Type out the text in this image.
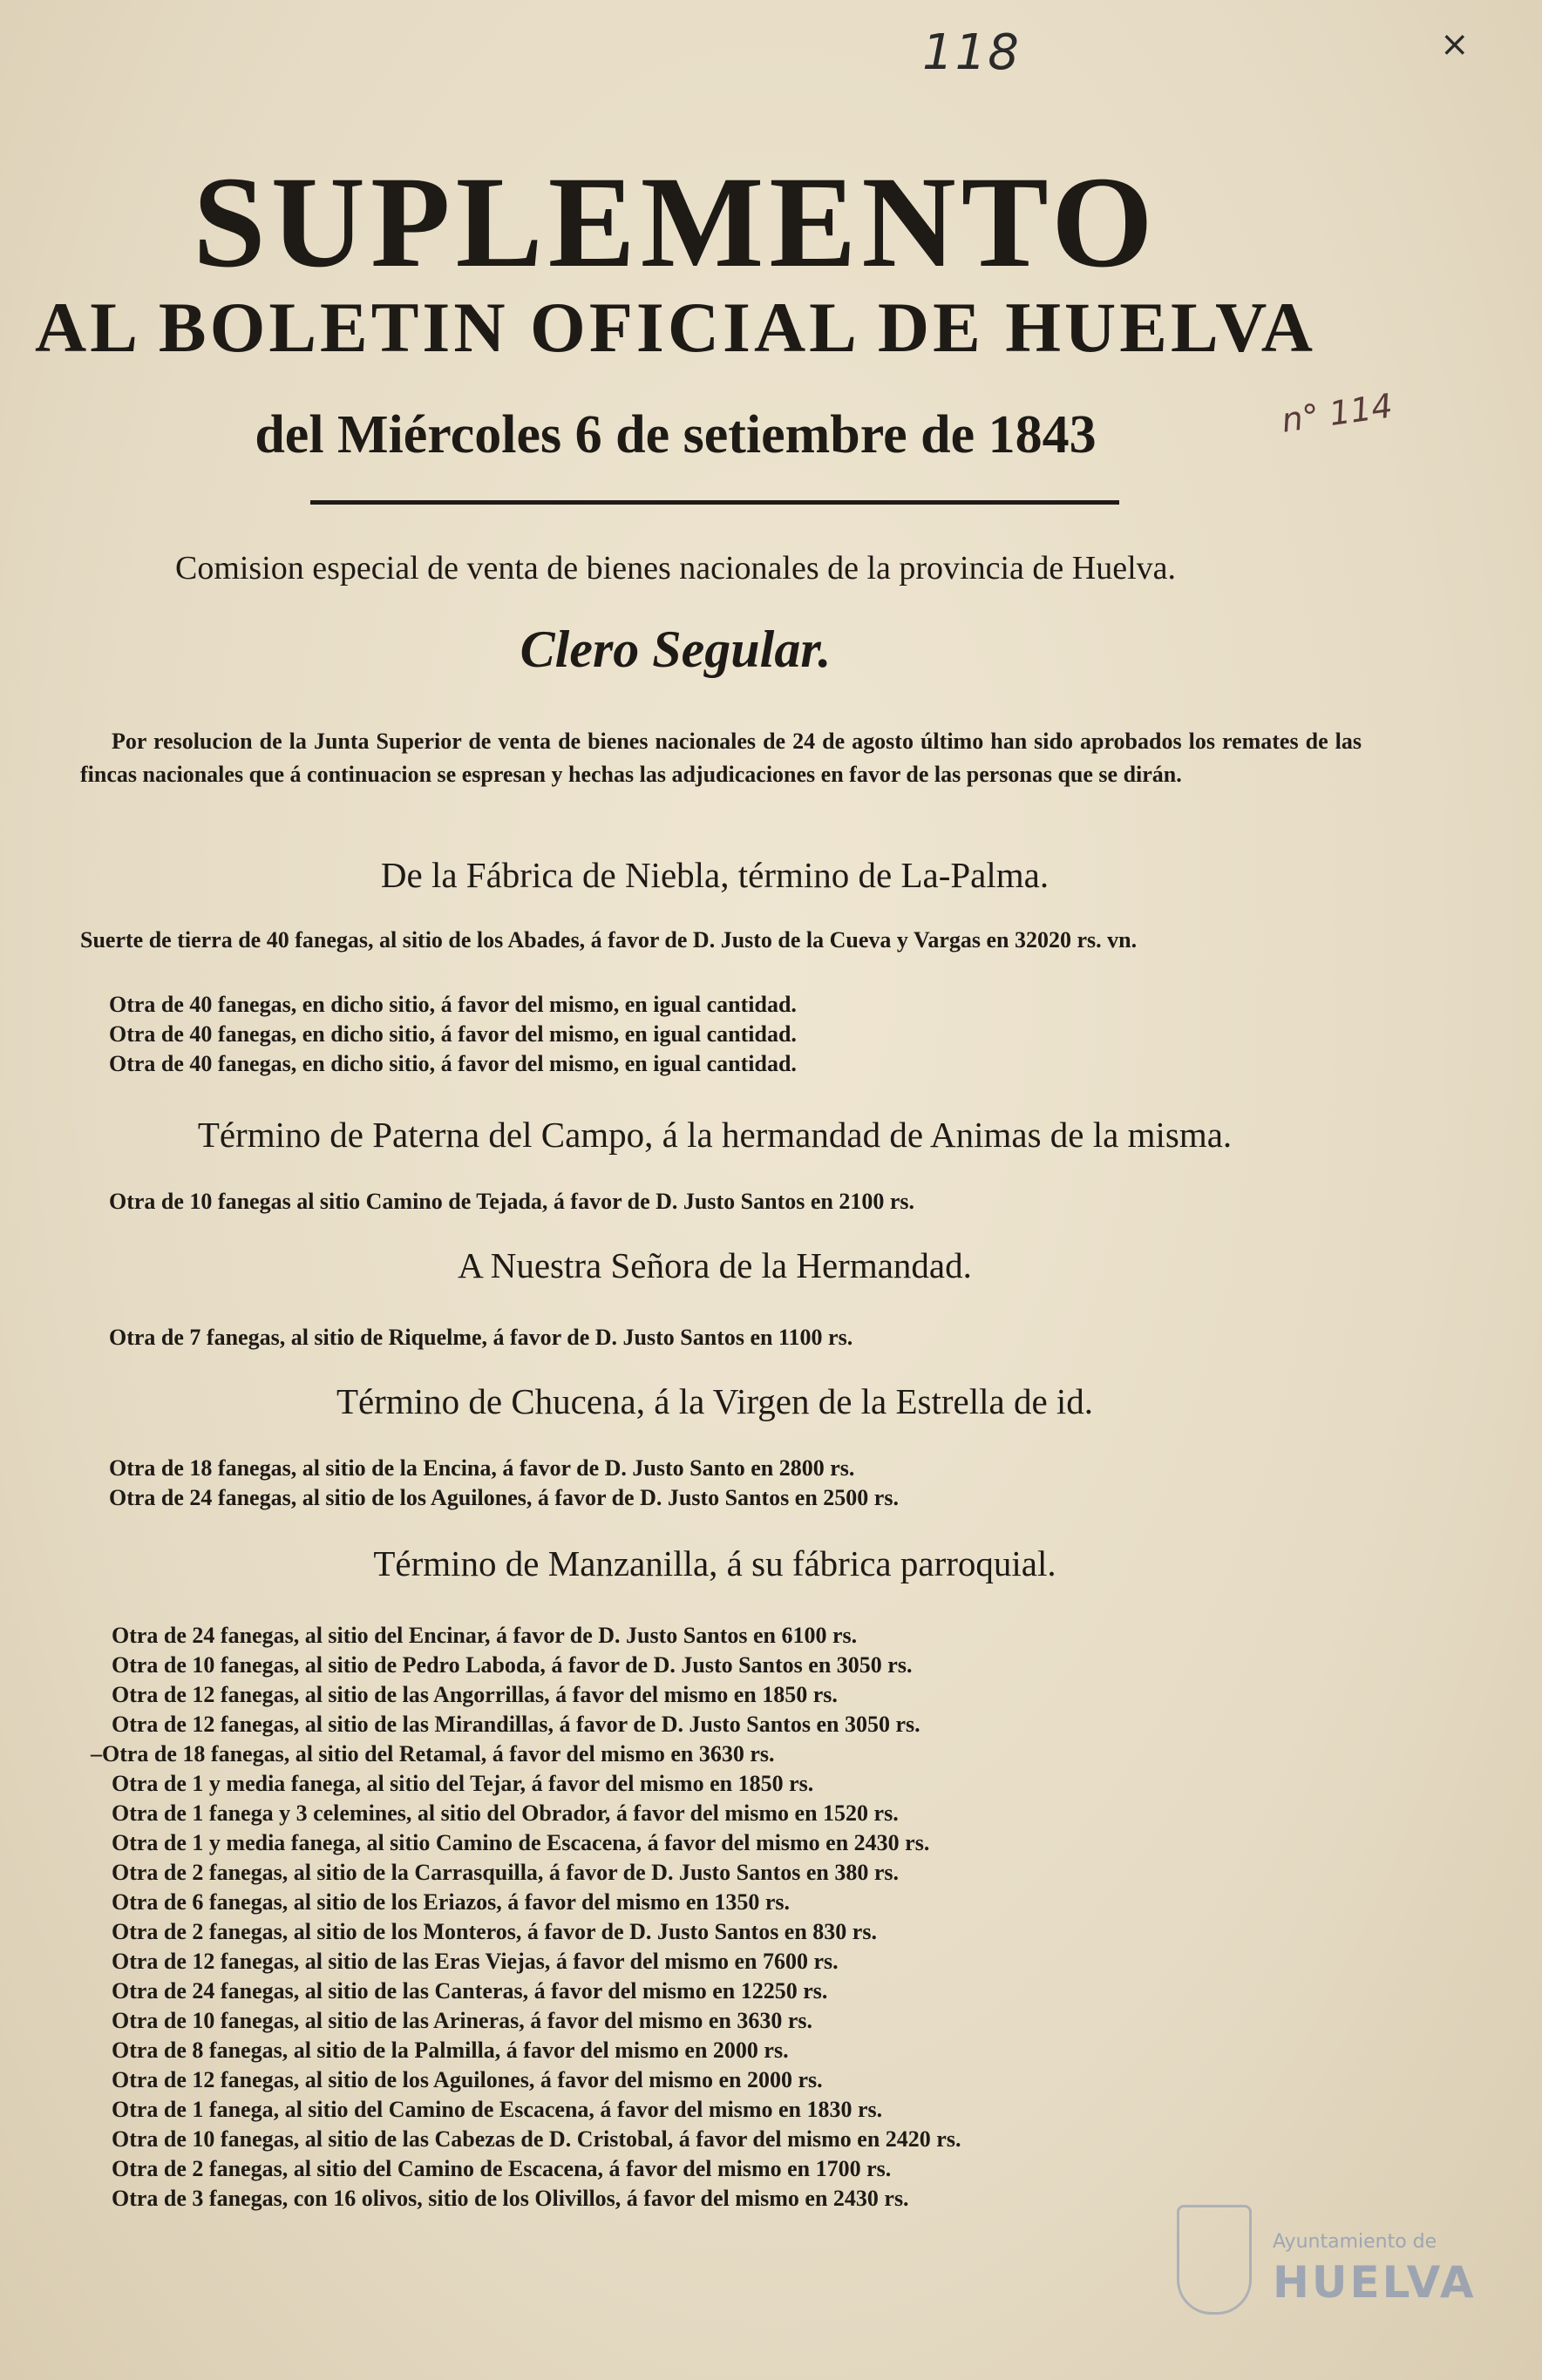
118	×
n° 114
SUPLEMENTO
AL BOLETIN OFICIAL DE HUELVA
del Miércoles 6 de setiembre de 1843
Comision especial de venta de bienes nacionales de la provincia de Huelva.
Clero Segular.
Por resolucion de la Junta Superior de venta de bienes nacionales de 24 de agosto último han sido aprobados los remates de las fincas nacionales que á continuacion se espresan y hechas las adjudicaciones en favor de las personas que se dirán.
De la Fábrica de Niebla, término de La-Palma.
Suerte de tierra de 40 fanegas, al sitio de los Abades, á favor de D. Justo de la Cueva y Vargas en 32020 rs. vn.
Otra de 40 fanegas, en dicho sitio, á favor del mismo, en igual cantidad.
Otra de 40 fanegas, en dicho sitio, á favor del mismo, en igual cantidad.
Otra de 40 fanegas, en dicho sitio, á favor del mismo, en igual cantidad.
Término de Paterna del Campo, á la hermandad de Animas de la misma.
Otra de 10 fanegas al sitio Camino de Tejada, á favor de D. Justo Santos en 2100 rs.
A Nuestra Señora de la Hermandad.
Otra de 7 fanegas, al sitio de Riquelme, á favor de D. Justo Santos en 1100 rs.
Término de Chucena, á la Virgen de la Estrella de id.
Otra de 18 fanegas, al sitio de la Encina, á favor de D. Justo Santo en 2800 rs.
Otra de 24 fanegas, al sitio de los Aguilones, á favor de D. Justo Santos en 2500 rs.
Término de Manzanilla, á su fábrica parroquial.
Otra de 24 fanegas, al sitio del Encinar, á favor de D. Justo Santos en 6100 rs.
Otra de 10 fanegas, al sitio de Pedro Laboda, á favor de D. Justo Santos en 3050 rs.
Otra de 12 fanegas, al sitio de las Angorrillas, á favor del mismo en 1850 rs.
Otra de 12 fanegas, al sitio de las Mirandillas, á favor de D. Justo Santos en 3050 rs.
–Otra de 18 fanegas, al sitio del Retamal, á favor del mismo en 3630 rs.
Otra de 1 y media fanega, al sitio del Tejar, á favor del mismo en 1850 rs.
Otra de 1 fanega y 3 celemines, al sitio del Obrador, á favor del mismo en 1520 rs.
Otra de 1 y media fanega, al sitio Camino de Escacena, á favor del mismo en 2430 rs.
Otra de 2 fanegas, al sitio de la Carrasquilla, á favor de D. Justo Santos en 380 rs.
Otra de 6 fanegas, al sitio de los Eriazos, á favor del mismo en 1350 rs.
Otra de 2 fanegas, al sitio de los Monteros, á favor de D. Justo Santos en 830 rs.
Otra de 12 fanegas, al sitio de las Eras Viejas, á favor del mismo en 7600 rs.
Otra de 24 fanegas, al sitio de las Canteras, á favor del mismo en 12250 rs.
Otra de 10 fanegas, al sitio de las Arineras, á favor del mismo en 3630 rs.
Otra de 8 fanegas, al sitio de la Palmilla, á favor del mismo en 2000 rs.
Otra de 12 fanegas, al sitio de los Aguilones, á favor del mismo en 2000 rs.
Otra de 1 fanega, al sitio del Camino de Escacena, á favor del mismo en 1830 rs.
Otra de 10 fanegas, al sitio de las Cabezas de D. Cristobal, á favor del mismo en 2420 rs.
Otra de 2 fanegas, al sitio del Camino de Escacena, á favor del mismo en 1700 rs.
Otra de 3 fanegas, con 16 olivos, sitio de los Olivillos, á favor del mismo en 2430 rs.
Ayuntamiento de
HUELVA
